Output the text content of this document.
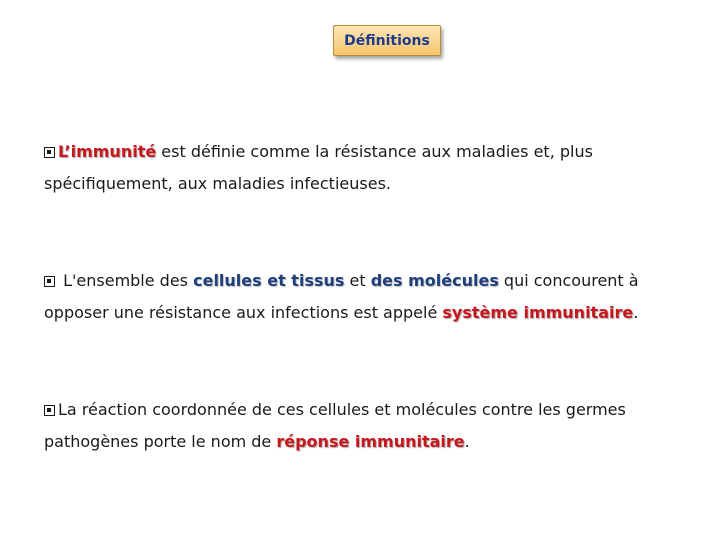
Définitions
L’immunité est définie comme la résistance aux maladies et, plus spécifiquement, aux maladies infectieuses.
L'ensemble des cellules et tissus et des molécules qui concourent à opposer une résistance aux infections est appelé système immunitaire.
La réaction coordonnée de ces cellules et molécules contre les germes pathogènes porte le nom de réponse immunitaire.
